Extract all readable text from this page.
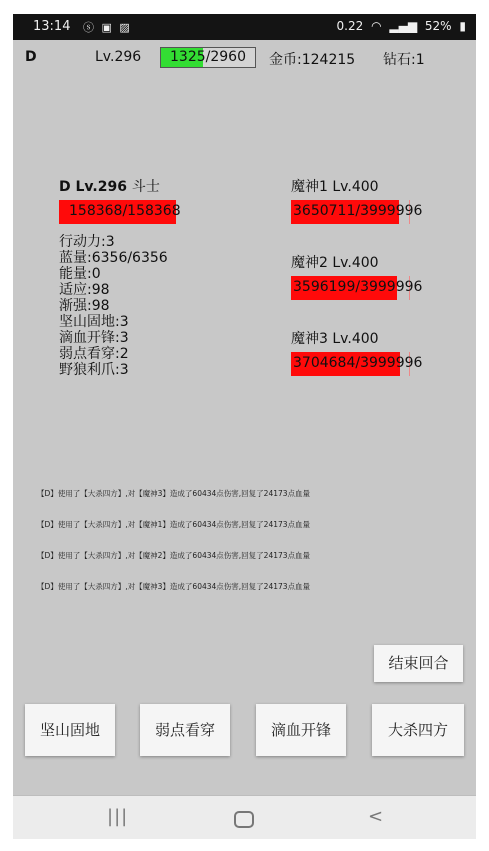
13:14 ⓢ ▣ ▨	0.22 ◠ ▂▄▆ 52% ▮
D	Lv.296	1325/2960	金币:124215 钻石:1
D Lv.296 斗士
158368/158368
行动力:3
蓝量:6356/6356
能量:0
适应:98
渐强:98
坚山固地:3
滴血开锋:3
弱点看穿:2
野狼利爪:3
魔神1 Lv.400
3650711/3999996
魔神2 Lv.400
3596199/3999996
魔神3 Lv.400
3704684/3999996
【D】使用了【大杀四方】,对【魔神3】造成了60434点伤害,回复了24173点血量
【D】使用了【大杀四方】,对【魔神1】造成了60434点伤害,回复了24173点血量
【D】使用了【大杀四方】,对【魔神2】造成了60434点伤害,回复了24173点血量
【D】使用了【大杀四方】,对【魔神3】造成了60434点伤害,回复了24173点血量
结束回合
坚山固地	弱点看穿	滴血开锋	大杀四方
|||	<
